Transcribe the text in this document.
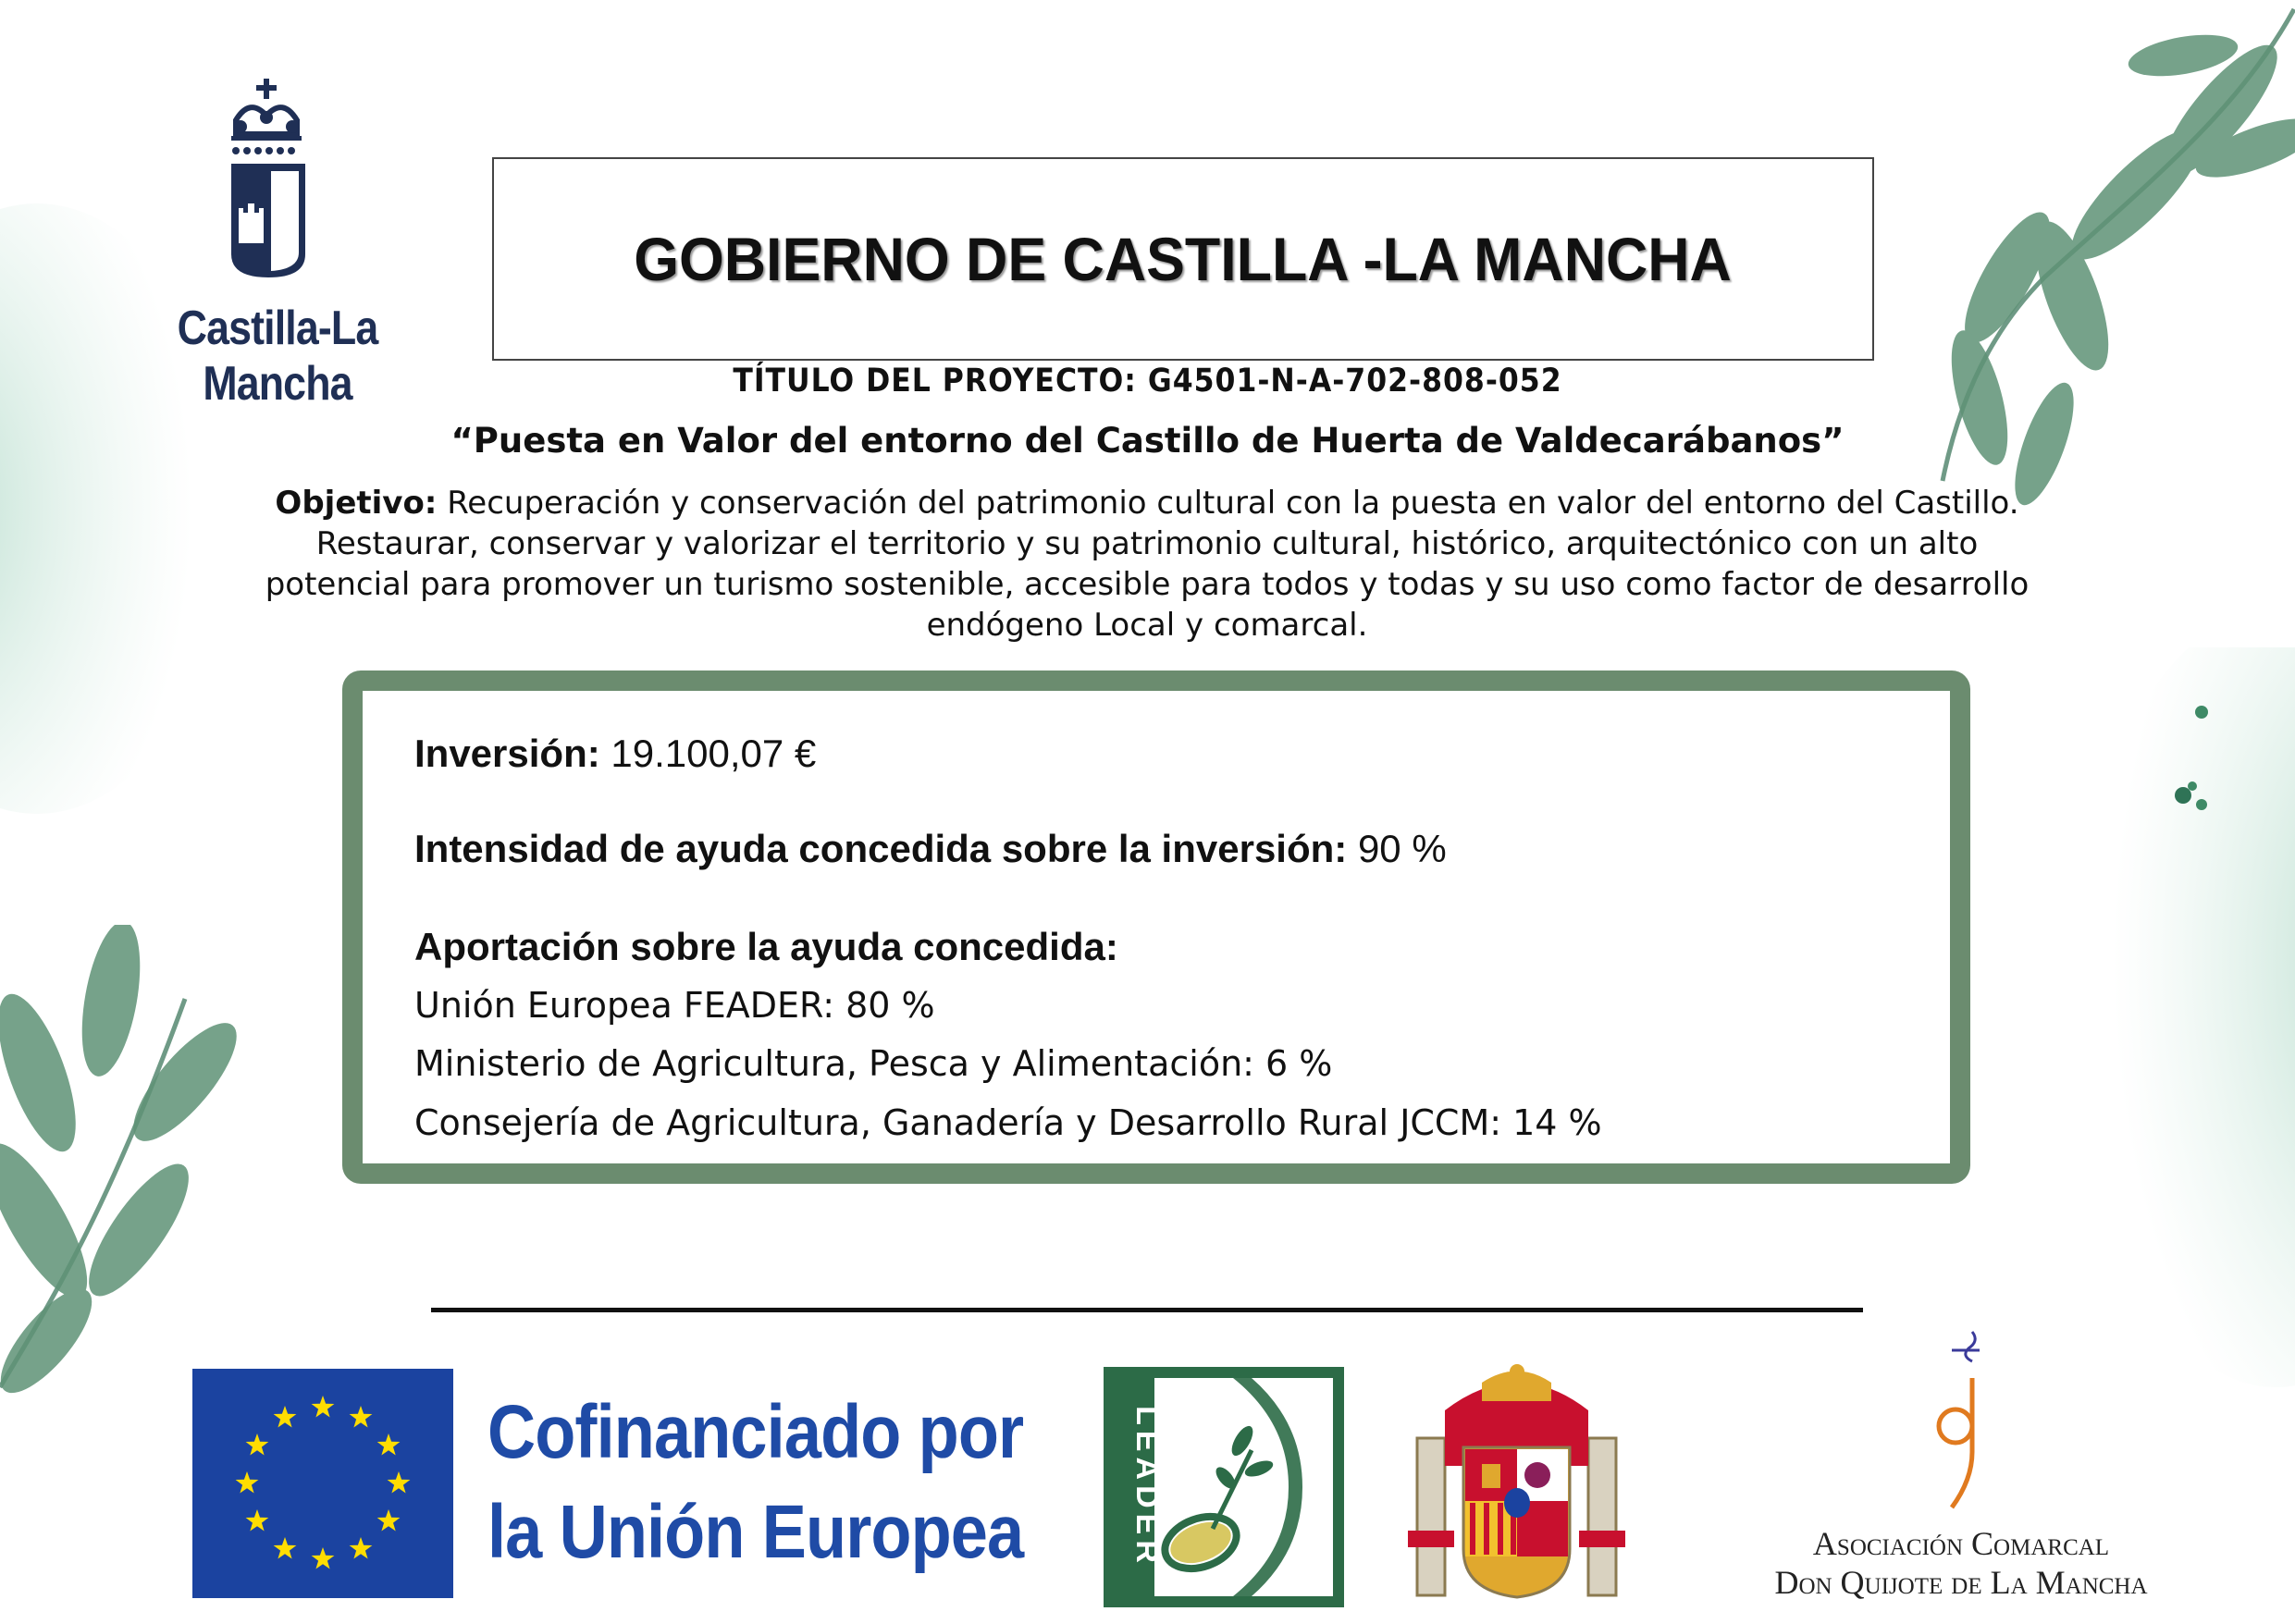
Castilla-La Mancha
GOBIERNO DE CASTILLA -LA MANCHA
TÍTULO DEL PROYECTO: G4501-N-A-702-808-052
“Puesta en Valor del entorno del Castillo de Huerta de Valdecarábanos”
Objetivo: Recuperación y conservación del patrimonio cultural con la puesta en valor del entorno del Castillo. Restaurar, conservar y valorizar el territorio y su patrimonio cultural, histórico, arquitectónico con un alto potencial para promover un turismo sostenible, accesible para todos y todas y su uso como factor de desarrollo endógeno Local y comarcal.
Inversión: 19.100,07 €
Intensidad de ayuda concedida sobre la inversión: 90 %
Aportación sobre la ayuda concedida:
Unión Europea FEADER: 80 %
Ministerio de Agricultura, Pesca y Alimentación: 6 %
Consejería de Agricultura, Ganadería y Desarrollo Rural JCCM: 14 %
Cofinanciado por
la Unión Europea	LEADER	Asociación Comarcal
Don Quijote de La Mancha
